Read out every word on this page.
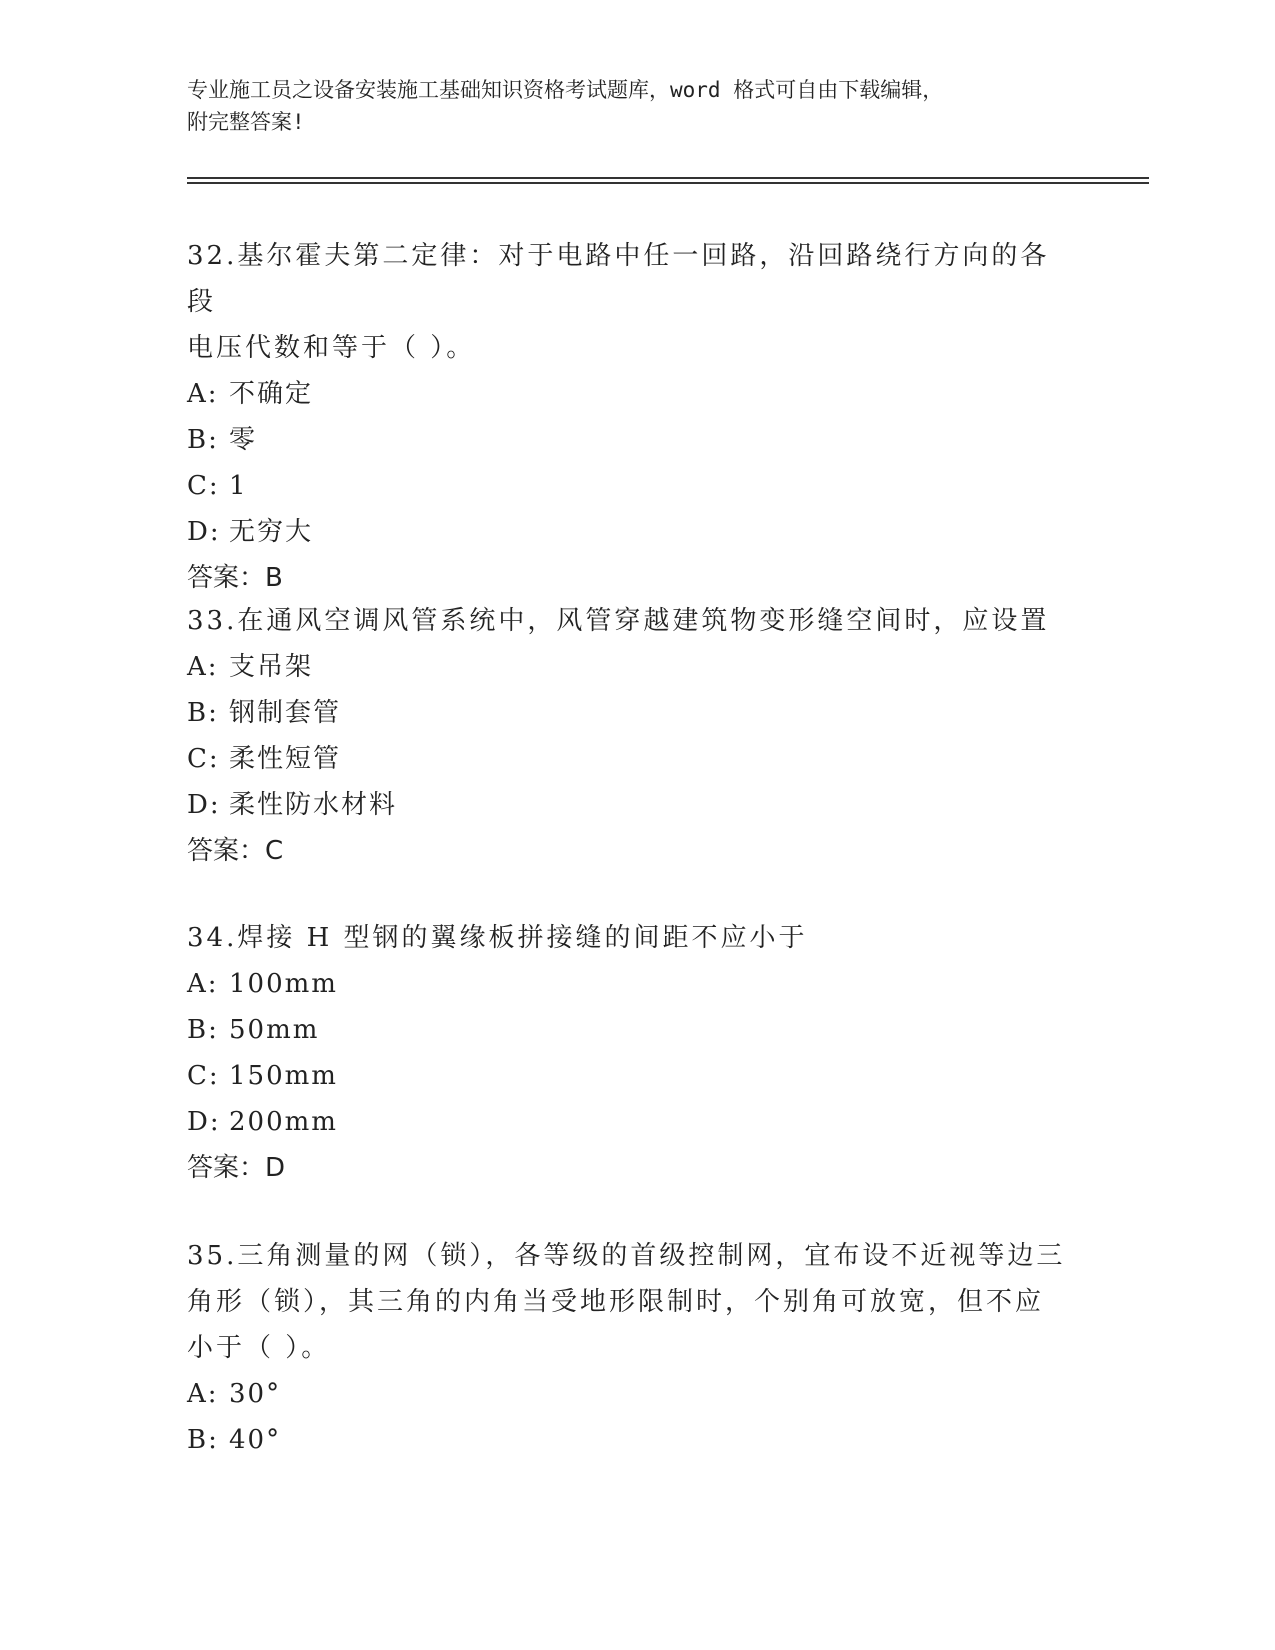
专业施工员之设备安装施工基础知识资格考试题库，word 格式可自由下载编辑，
附完整答案!
32.基尔霍夫第二定律：对于电路中任一回路，沿回路绕行方向的各段
电压代数和等于（ ）。
A: 不确定
B: 零
C: 1
D: 无穷大
答案： B
33.在通风空调风管系统中，风管穿越建筑物变形缝空间时，应设置
A: 支吊架
B: 钢制套管
C: 柔性短管
D: 柔性防水材料
答案： C
34.焊接 H 型钢的翼缘板拼接缝的间距不应小于
A: 100mm
B: 50mm
C: 150mm
D: 200mm
答案： D
35.三角测量的网（锁），各等级的首级控制网，宜布设不近视等边三
角形（锁），其三角的内角当受地形限制时，个别角可放宽，但不应
小于（ ）。
A: 30°
B: 40°
